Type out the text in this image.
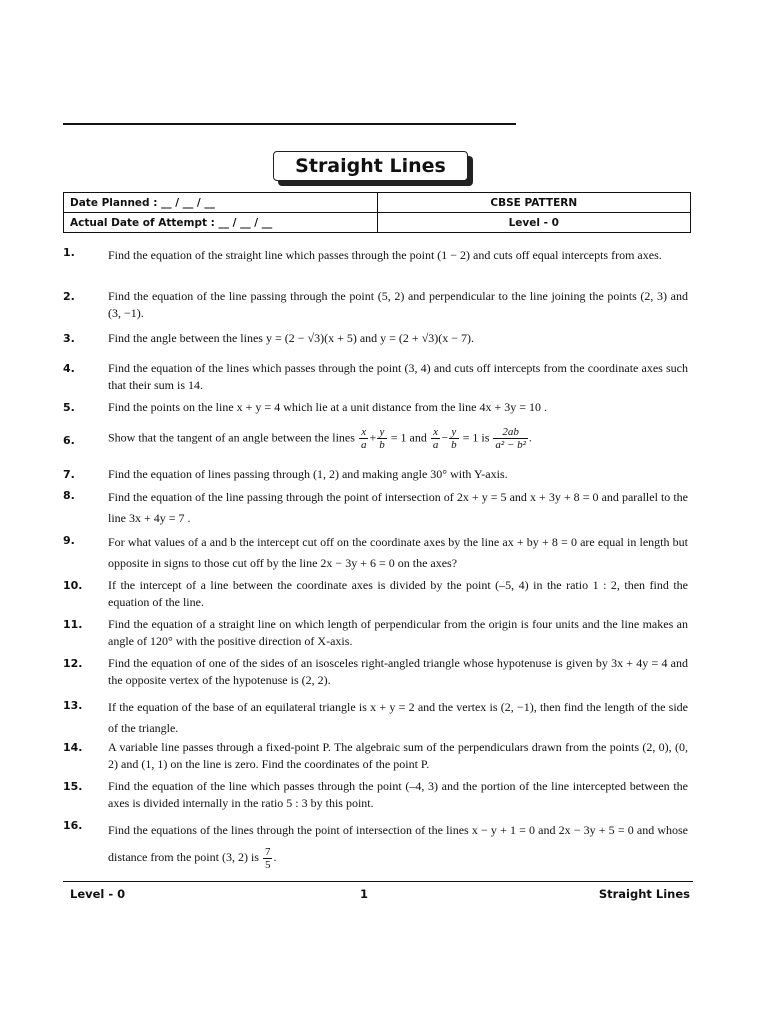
Straight Lines
Date Planned : __ / __ / __	CBSE PATTERN
Actual Date of Attempt : __ / __ / __	Level - 0
1.	Find the equation of the straight line which passes through the point (1 − 2) and cuts off equal intercepts from axes.
2.	Find the equation of the line passing through the point (5, 2) and perpendicular to the line joining the points (2, 3) and (3, −1).
3.	Find the angle between the lines y = (2 − √3)(x + 5) and y = (2 + √3)(x − 7).
4.	Find the equation of the lines which passes through the point (3, 4) and cuts off intercepts from the coordinate axes such that their sum is 14.
5.	Find the points on the line x + y = 4 which lie at a unit distance from the line 4x + 3y = 10 .
6.	Show that the tangent of an angle between the lines $\frac{x}{a} + \frac{y}{b} = 1$ and $\frac{x}{a} - \frac{y}{b} = 1$ is $\frac{2ab}{\text{a² − b²}}$ .
7.	Find the equation of lines passing through (1, 2) and making angle 30° with Y-axis.
8.	Find the equation of the line passing through the point of intersection of 2x + y = 5 and x + 3y + 8 = 0 and parallel to the line 3x + 4y = 7 .
9.	For what values of a and b the intercept cut off on the coordinate axes by the line ax + by + 8 = 0 are equal in length but opposite in signs to those cut off by the line 2x − 3y + 6 = 0 on the axes?
10. If the intercept of a line between the coordinate axes is divided by the point (–5, 4) in the ratio 1 : 2, then find the equation of the line.
11. Find the equation of a straight line on which length of perpendicular from the origin is four units and the line makes an angle of 120° with the positive direction of X-axis.
12. Find the equation of one of the sides of an isosceles right-angled triangle whose hypotenuse is given by 3x + 4y = 4 and the opposite vertex of the hypotenuse is (2, 2).
13. If the equation of the base of an equilateral triangle is x + y = 2 and the vertex is (2, −1), then find the length of the side of the triangle.
14. A variable line passes through a fixed-point P. The algebraic sum of the perpendiculars drawn from the points (2, 0), (0, 2) and (1, 1) on the line is zero. Find the coordinates of the point P.
15. Find the equation of the line which passes through the point (–4, 3) and the portion of the line intercepted between the axes is divided internally in the ratio 5 : 3 by this point.
16. Find the equations of the lines through the point of intersection of the lines x − y + 1 = 0 and 2x − 3y + 5 = 0 and whose distance from the point (3, 2) is $\frac{7}{5}$ .
Level - 0	1	Straight Lines
